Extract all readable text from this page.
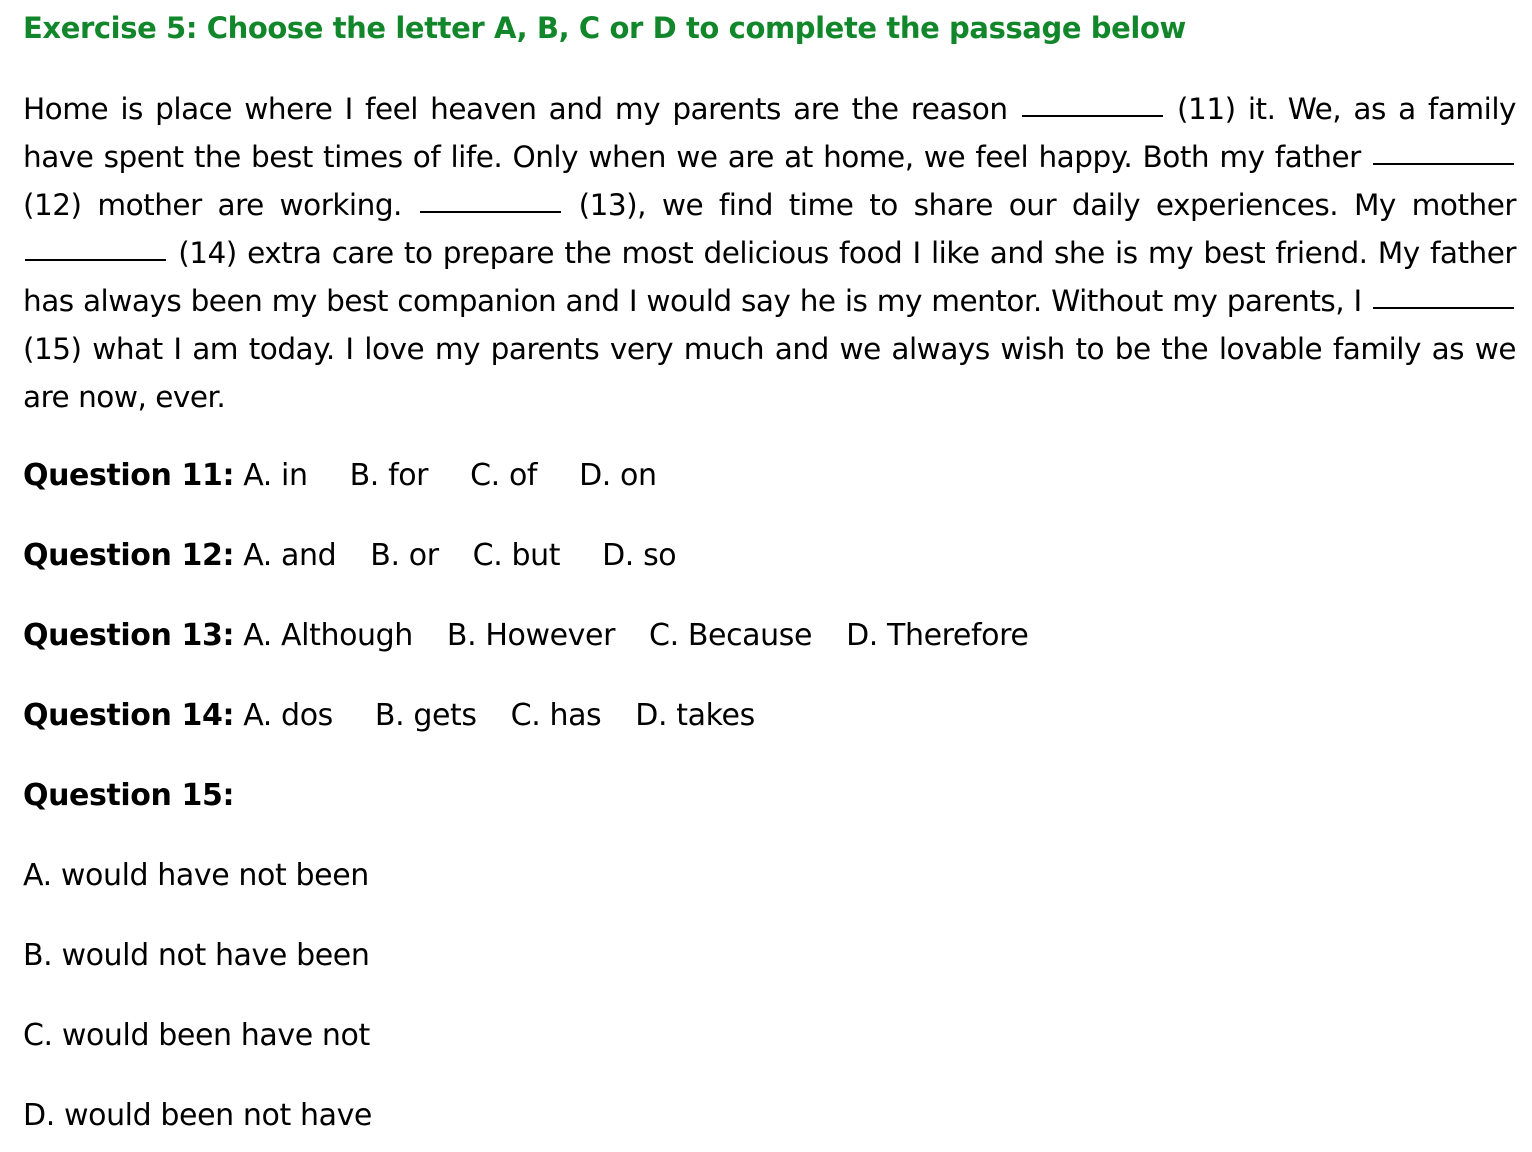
Exercise 5: Choose the letter A, B, C or D to complete the passage below

Home is place where I feel heaven and my parents are the reason	(11) it. We, as a family have spent the best times of life. Only when we are at home, we feel happy. Both my father  (12) mother are working.	(13), we find time to share our daily experiences. My mother  (14) extra care to prepare the most delicious food I like and she is my best friend. My father has always been my best companion and I would say he is my mentor. Without my parents, I  (15) what I am today. I love my parents very much and we always wish to be the lovable family as we are now, ever.

Question 11: A. in B. for C. of D. on

Question 12: A. and B. or C. but D. so

Question 13: A. Although B. However C. Because D. Therefore

Question 14: A. dos B. gets C. has D. takes

Question 15:

A. would have not been

B. would not have been

C. would been have not

D. would been not have
